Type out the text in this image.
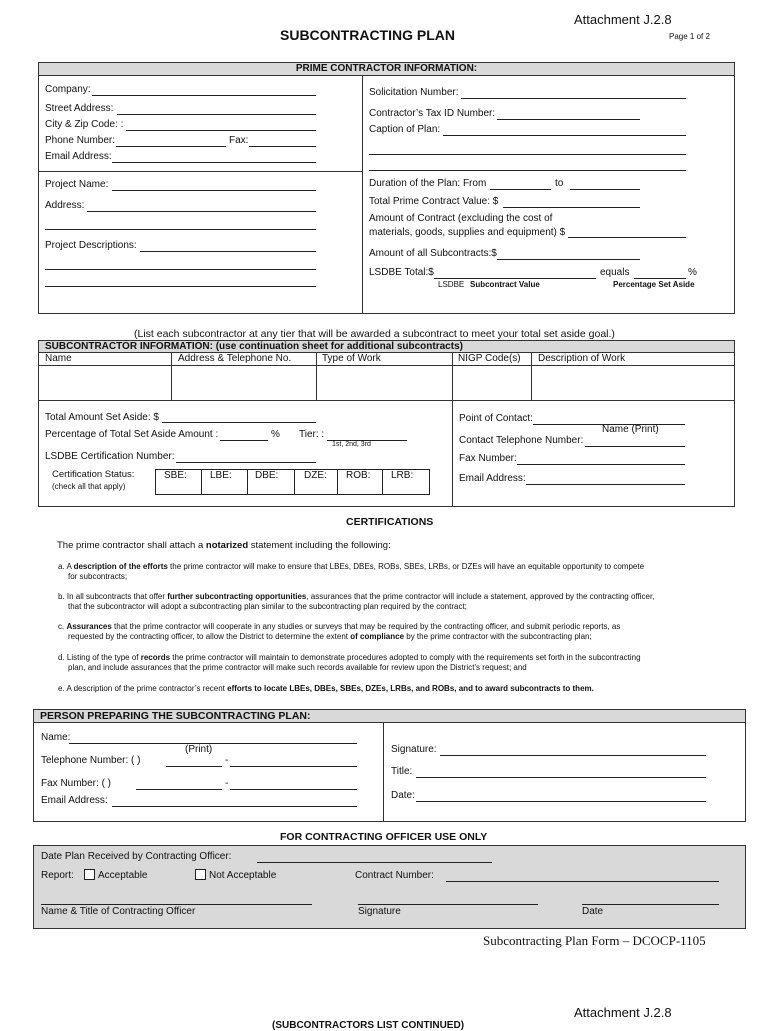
Attachment J.2.8
SUBCONTRACTING PLAN	Page 1 of 2
PRIME CONTRACTOR INFORMATION:
Company:
Street Address:
City & Zip Code: :
Phone Number:	Fax:
Email Address:
Project Name:
Address:
Project Descriptions:
Solicitation Number:
Contractor’s Tax ID Number:
Caption of Plan:
Duration of the Plan: From	to
Total Prime Contract Value: $
Amount of Contract (excluding the cost of
materials, goods, supplies and equipment) $
Amount of all Subcontracts:$
LSDBE Total:$	equals	%
LSDBE Subcontract Value	Percentage Set Aside
(List each subcontractor at any tier that will be awarded a subcontract to meet your total set aside goal.)
SUBCONTRACTOR INFORMATION: (use continuation sheet for additional subcontracts)
Name	Address & Telephone No.	Type of Work	NIGP Code(s) Description of Work
Total Amount Set Aside: $
Percentage of Total Set Aside Amount :	% Tier: :
1st, 2nd, 3rd
LSDBE Certification Number:
Certification Status:
(check all that apply)
SBE:	LBE:	DBE:	DZE:	ROB:	LRB:
Point of Contact:
Name (Print)
Contact Telephone Number:
Fax Number:
Email Address:
CERTIFICATIONS
The prime contractor shall attach a notarized statement including the following:
a. A description of the efforts the prime contractor will make to ensure that LBEs, DBEs, ROBs, SBEs, LRBs, or DZEs will have an equitable opportunity to compete
for subcontracts;
b. In all subcontracts that offer further subcontracting opportunities, assurances that the prime contractor will include a statement, approved by the contracting officer,
that the subcontractor will adopt a subcontracting plan similar to the subcontracting plan required by the contract;
c. Assurances that the prime contractor will cooperate in any studies or surveys that may be required by the contracting officer, and submit periodic reports, as
requested by the contracting officer, to allow the District to determine the extent of compliance by the prime contractor with the subcontracting plan;
d. Listing of the type of records the prime contractor will maintain to demonstrate procedures adopted to comply with the requirements set forth in the subcontracting
plan, and include assurances that the prime contractor will make such records available for review upon the District’s request; and
e. A description of the prime contractor’s recent efforts to locate LBEs, DBEs, SBEs, DZEs, LRBs, and ROBs, and to award subcontracts to them.
PERSON PREPARING THE SUBCONTRACTING PLAN:
Name:
(Print)
Telephone Number: ( )	-
Fax Number: ( )	-
Email Address:
Signature:
Title:
Date:
FOR CONTRACTING OFFICER USE ONLY
Date Plan Received by Contracting Officer:
Report:	Acceptable	Not Acceptable	Contract Number:
Name & Title of Contracting Officer	Signature	Date
Subcontracting Plan Form – DCOCP-1105
Attachment J.2.8
(SUBCONTRACTORS LIST CONTINUED)
